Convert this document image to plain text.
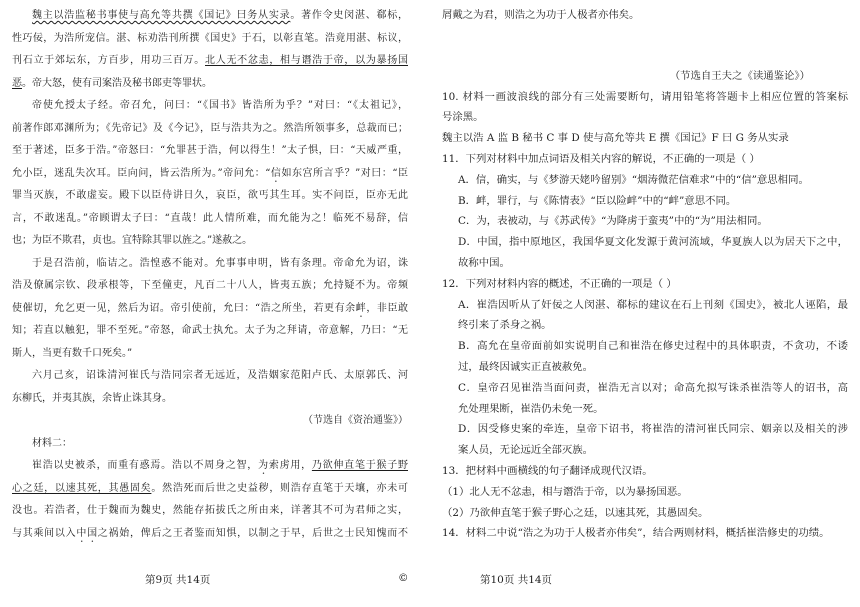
魏主以浩监秘书事使与高允等共撰《国记》曰务从实录。著作令史闵湛、郗标，
性巧佞，为浩所宠信。湛、标劝浩刊所撰《国史》于石，以彰直笔。浩竟用湛、标议，
刊石立于郊坛东，方百步，用功三百万。北人无不忿恚，相与谮浩于帝，以为暴扬国
恶。帝大怒，使有司案浩及秘书郎吏等罪状。
帝使允授太子经。帝召允，问曰：“《国书》皆浩所为乎？”对曰：“《太祖记》，
前著作郎邓渊所为；《先帝记》及《今记》，臣与浩共为之。然浩所领事多，总裁而已；
至于著述，臣多于浩。”帝怒曰：“允罪甚于浩，何以得生！”太子惧，曰：“天威严重，
允小臣，迷乱失次耳。臣向问，皆云浩所为。”帝问允：“信如东宫所言乎？”对曰：“臣
罪当灭族，不敢虚妄。殿下以臣侍讲日久，哀臣，欲丐其生耳。实不问臣，臣亦无此
言，不敢迷乱。”帝顾谓太子曰：“直哉！此人情所难，而允能为之！临死不易辞，信
也；为臣不欺君，贞也。宜特除其罪以旌之。”遂赦之。
于是召浩前，临诘之。浩惶惑不能对。允事事申明，皆有条理。帝命允为诏，诛
浩及僚属宗钦、段承根等，下至僮吏，凡百二十八人，皆夷五族；允持疑不为。帝频
使催切，允乞更一见，然后为诏。帝引使前，允曰：“浩之所坐，若更有余衅，非臣敢
知；若直以触犯，罪不至死。”帝怒，命武士执允。太子为之拜请，帝意解，乃曰：“无
斯人，当更有数千口死矣。”
六月己亥，诏诛清河崔氏与浩同宗者无远近，及浩姻家范阳卢氏、太原郭氏、河
东柳氏，并夷其族，余皆止诛其身。
（节选自《资治通鉴》）
材料二：
崔浩以史被杀，而重有惑焉。浩以不周身之智，为索虏用，乃欲伸直笔于猴子野
心之廷，以速其死，其愚固矣。然浩死而后世之史益秽，则浩存直笔于天壤，亦未可
没也。若浩者，仕于魏而为魏史，然能存拓拔氏之所由来，详著其不可为君师之实，
与其乘间以入中国之祸始，俾后之王者鉴而知惧，以制之于早，后世之士民知愧而不
屑戴之为君，则浩之为功于人极者亦伟矣。
（节选自王夫之《读通鉴论》）
10. 材料一画波浪线的部分有三处需要断句，请用铅笔将答题卡上相应位置的答案标
号涂黑。
魏主以浩 A 监 B 秘书 C 事 D 使与高允等共 E 撰《国记》F 曰 G 务从实录
11．下列对材料中加点词语及相关内容的解说，不正确的一项是（ ）
A．信，确实，与《梦游天姥吟留别》“烟涛微茫信难求”中的“信”意思相同。
B．衅，罪行，与《陈情表》“臣以险衅”中的“衅”意思不同。
C．为，表被动，与《苏武传》“为降虏于蛮夷”中的“为”用法相同。
D．中国，指中原地区，我国华夏文化发源于黄河流域，华夏族人以为居天下之中，
故称中国。
12．下列对材料内容的概述，不正确的一项是（ ）
A．崔浩因听从了奸佞之人闵湛、郗标的建议在石上刊刻《国史》，被北人诬陷，最
终引来了杀身之祸。
B．高允在皇帝面前如实说明自己和崔浩在修史过程中的具体职责，不贪功，不诿
过，最终因诚实正直被赦免。
C．皇帝召见崔浩当面问责，崔浩无言以对；命高允拟写诛杀崔浩等人的诏书，高
允处理果断，崔浩仍未免一死。
D．因受修史案的牵连，皇帝下诏书，将崔浩的清河崔氏同宗、姻亲以及相关的涉
案人员，无论远近全部灭族。
13．把材料中画横线的句子翻译成现代汉语。
（1）北人无不忿恚，相与谮浩于帝，以为暴扬国恶。
（2）乃欲伸直笔于猴子野心之廷，以速其死，其愚固矣。
14．材料二中说“浩之为功于人极者亦伟矣”，结合两则材料，概括崔浩修史的功绩。
第9页 共14页	©	第10页 共14页
